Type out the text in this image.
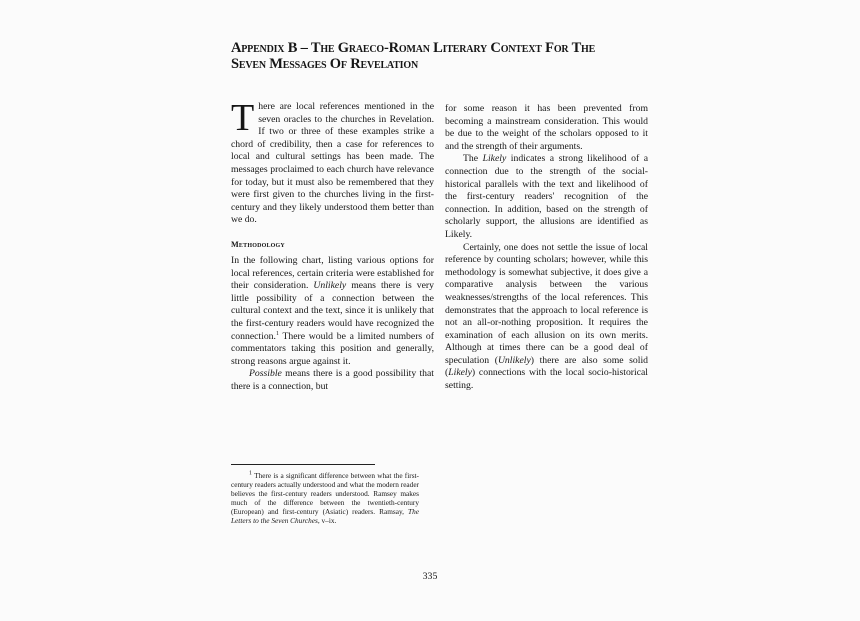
Appendix B – The Graeco-Roman Literary Context For The Seven Messages Of Revelation

There are local references mentioned in the seven oracles to the churches in Revelation. If two or three of these examples strike a chord of credibility, then a case for references to local and cultural settings has been made. The messages proclaimed to each church have relevance for today, but it must also be remembered that they were first given to the churches living in the first-century and they likely understood them better than we do.

Methodology

In the following chart, listing various options for local references, certain criteria were established for their consideration. Unlikely means there is very little possibility of a connection between the cultural context and the text, since it is unlikely that the first-century readers would have recognized the connection.$^1$ There would be a limited numbers of commentators taking this position and generally, strong reasons argue against it.

Possible means there is a good possibility that there is a connection, but

for some reason it has been prevented from becoming a mainstream consideration. This would be due to the weight of the scholars opposed to it and the strength of their arguments.

The Likely indicates a strong likelihood of a connection due to the strength of the social-historical parallels with the text and likelihood of the first-century readers' recognition of the connection. In addition, based on the strength of scholarly support, the allusions are identified as Likely.

Certainly, one does not settle the issue of local reference by counting scholars; however, while this methodology is somewhat subjective, it does give a comparative analysis between the various weaknesses/strengths of the local references. This demonstrates that the approach to local reference is not an all-or-nothing proposition. It requires the examination of each allusion on its own merits. Although at times there can be a good deal of speculation (Unlikely) there are also some solid (Likely) connections with the local socio-historical setting.

$^1$ There is a significant difference between what the first-century readers actually understood and what the modern reader believes the first-century readers understood. Ramsey makes much of the difference between the twentieth-century (European) and first-century (Asiatic) readers. Ramsay, The Letters to the Seven Churches, v–ix.

335
